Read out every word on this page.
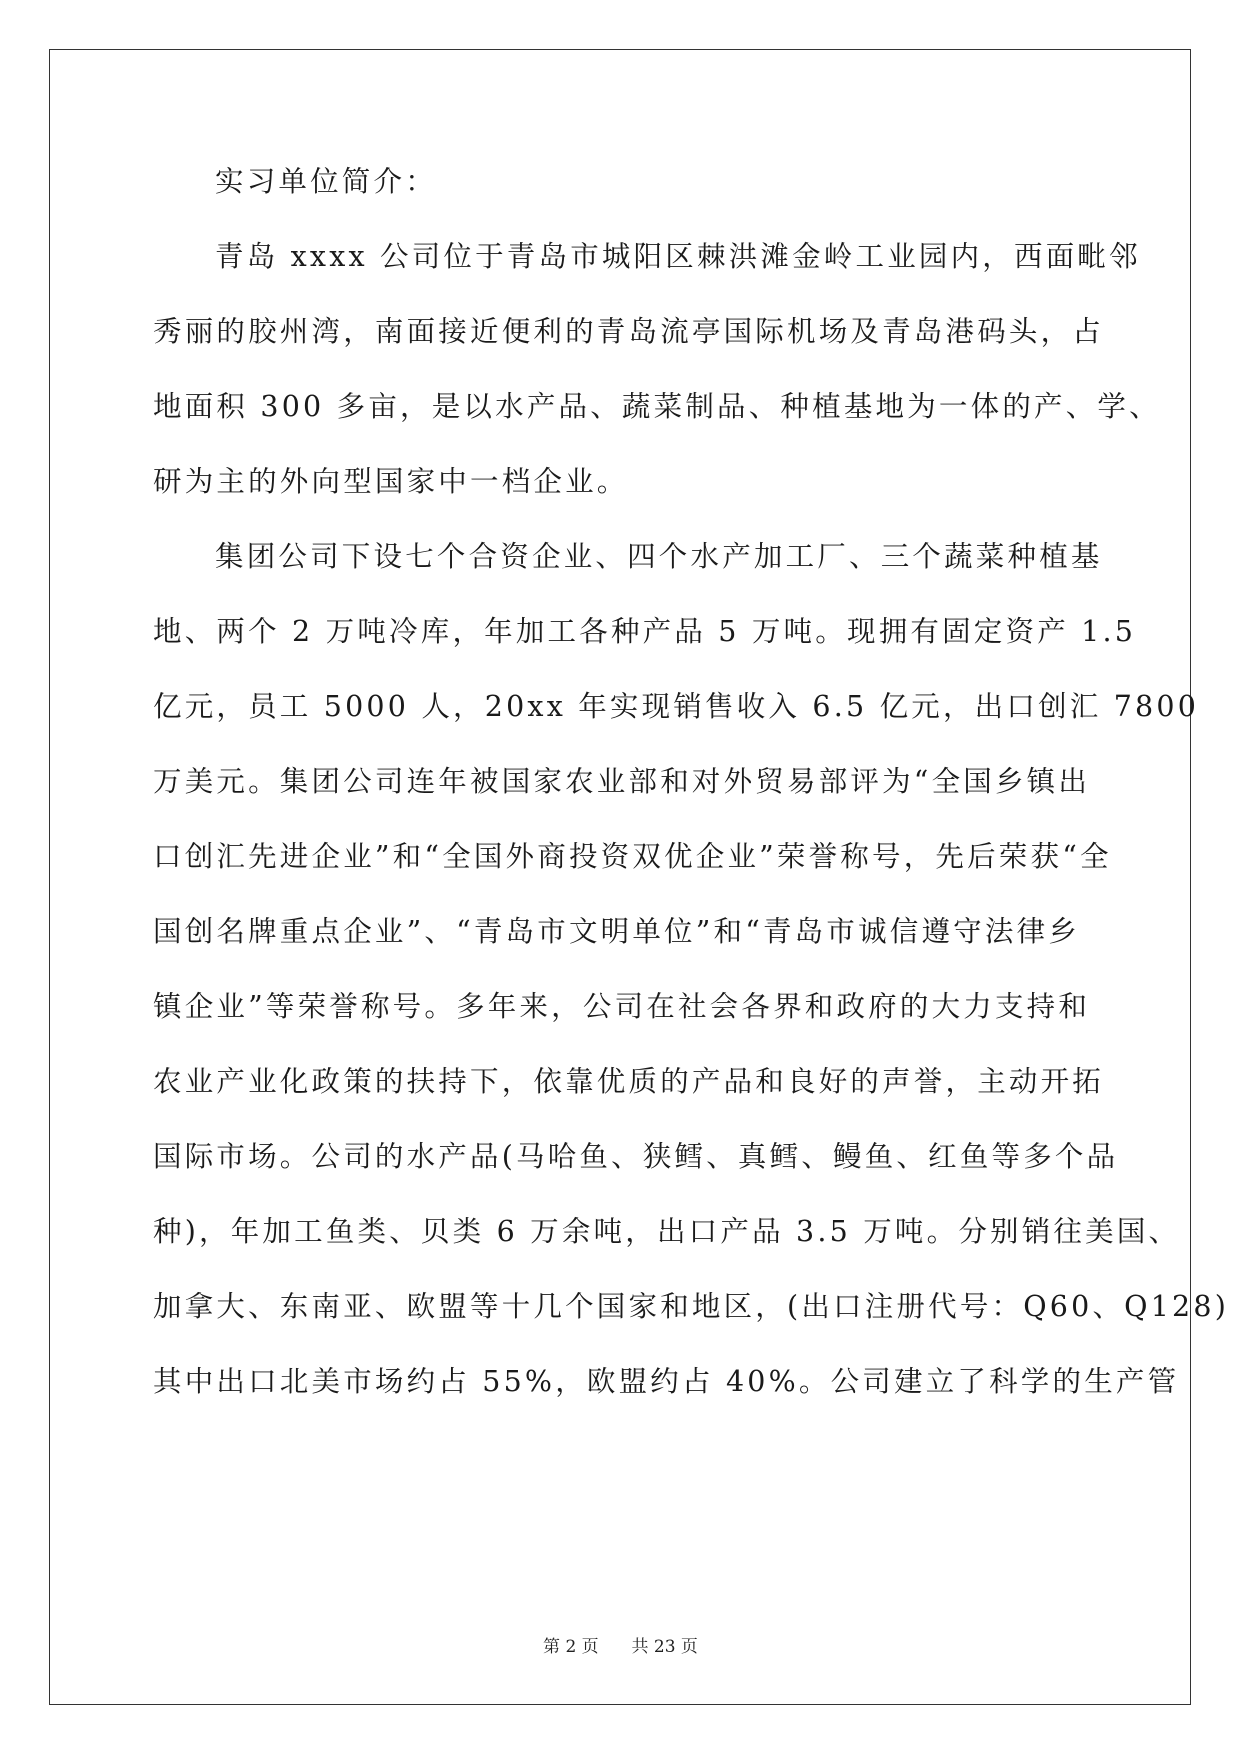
实习单位简介：
青岛 xxxx 公司位于青岛市城阳区棘洪滩金岭工业园内，西面毗邻
秀丽的胶州湾，南面接近便利的青岛流亭国际机场及青岛港码头，占
地面积 300 多亩，是以水产品、蔬菜制品、种植基地为一体的产、学、
研为主的外向型国家中一档企业。
集团公司下设七个合资企业、四个水产加工厂、三个蔬菜种植基
地、两个 2 万吨冷库，年加工各种产品 5 万吨。现拥有固定资产 1.5
亿元，员工 5000 人，20xx 年实现销售收入 6.5 亿元，出口创汇 7800
万美元。集团公司连年被国家农业部和对外贸易部评为“全国乡镇出
口创汇先进企业”和“全国外商投资双优企业”荣誉称号，先后荣获“全
国创名牌重点企业”、“青岛市文明单位”和“青岛市诚信遵守法律乡
镇企业”等荣誉称号。多年来，公司在社会各界和政府的大力支持和
农业产业化政策的扶持下，依靠优质的产品和良好的声誉，主动开拓
国际市场。公司的水产品(马哈鱼、狭鳕、真鳕、鳗鱼、红鱼等多个品
种)，年加工鱼类、贝类 6 万余吨，出口产品 3.5 万吨。分别销往美国、
加拿大、东南亚、欧盟等十几个国家和地区，(出口注册代号：Q60、Q128)
其中出口北美市场约占 55%，欧盟约占 40%。公司建立了科学的生产管
第 2 页 共 23 页
